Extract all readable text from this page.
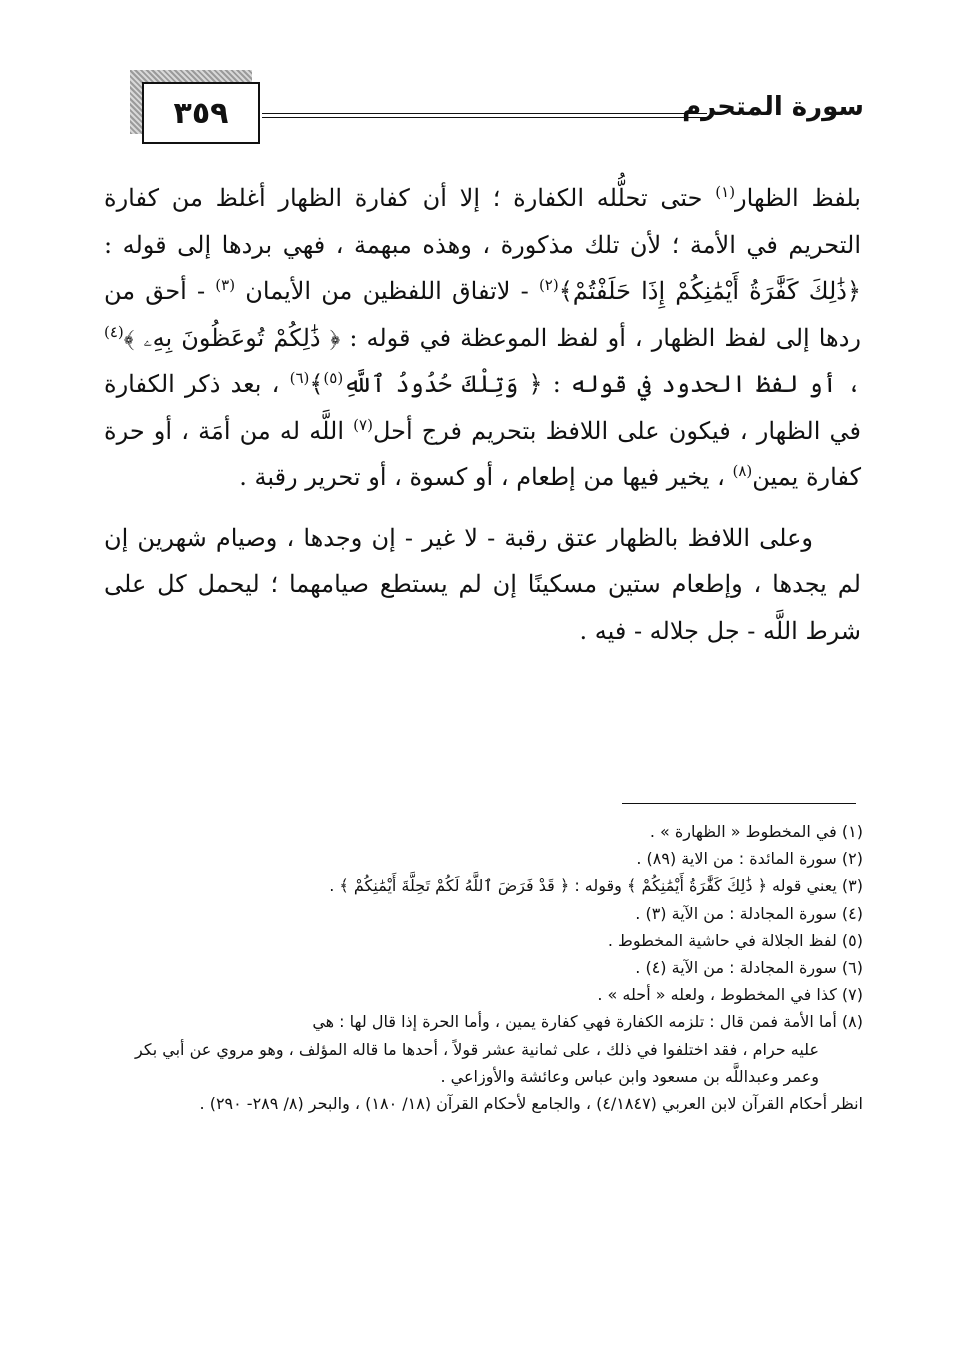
٣٥٩	سورة المتحرم

بلفظ الظهار$^{(١)}$ حتى تحلُّله الكفارة ؛ إلا أن كفارة الظهار أغلظ من كفارة التحريم في الأمة ؛ لأن تلك مذكورة ، وهذه مبهمة ، فهي بردها إلى قوله : ﴿ذَٰلِكَ كَفَّٰرَةُ أَيْمَٰنِكُمْ إِذَا حَلَفْتُمْ﴾$^{(٢)}$ - لاتفاق اللفظين من الأيمان $^{(٣)}$ - أحق من ردها إلى لفظ الظهار ، أو لفظ الموعظة في قوله : ﴿ ذَٰلِكُمْ تُوعَظُونَ بِهِۦ ﴾$^{(٤)}$ ، أو لفظ الحدود في قوله : ﴿ وَتِلْكَ حُدُودُ ٱللَّهِ$^{(٥)}$﴾$^{(٦)}$ ، بعد ذكر الكفارة في الظهار ، فيكون على اللافظ بتحريم فرج أحل$^{(٧)}$ اللَّه له من أمَة ، أو حرة كفارة يمين$^{(٨)}$ ، يخير فيها من إطعام ، أو كسوة ، أو تحرير رقبة .

وعلى اللافظ بالظهار عتق رقبة - لا غير - إن وجدها ، وصيام شهرين إن لم يجدها ، وإطعام ستين مسكينًا إن لم يستطع صيامهما ؛ ليحمل كل على شرط اللَّه - جل جلاله - فيه .

(١) في المخطوط « الظهارة » .

(٢) سورة المائدة : من الاية (٨٩) .

(٣) يعني قوله ﴿ ذَٰلِكَ كَفَّٰرَةُ أَيْمَٰنِكُمْ ﴾ وقوله : ﴿ قَدْ فَرَضَ ٱللَّهُ لَكُمْ تَحِلَّةَ أَيْمَٰنِكُمْ ﴾ .

(٤) سورة المجادلة : من الآية (٣) .

(٥) لفظ الجلالة في حاشية المخطوط .

(٦) سورة المجادلة : من الآية (٤) .

(٧) كذا في المخطوط ، ولعله « أحله » .

(٨) أما الأمة فمن قال : تلزمه الكفارة فهي كفارة يمين ، وأما الحرة إذا قال لها : هي

عليه حرام ، فقد اختلفوا في ذلك ، على ثمانية عشر قولاً ، أحدها ما قاله المؤلف ، وهو مروي عن أبي بكر وعمر وعبداللَّه بن مسعود وابن عباس وعائشة والأوزاعي .

انظر أحكام القرآن لابن العربي (٤/١٨٤٧) ، والجامع لأحكام القرآن (١٨/ ١٨٠) ، والبحر (٨/ ٢٨٩- ٢٩٠) .
